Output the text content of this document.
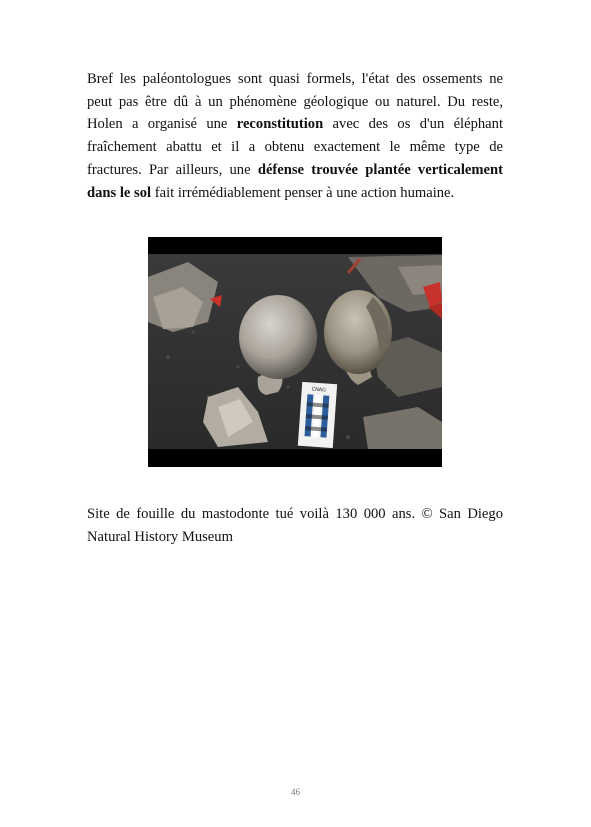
Bref les paléontologues sont quasi formels, l'état des ossements ne peut pas être dû à un phénomène géologique ou naturel. Du reste, Holen a organisé une reconstitution avec des os d'un éléphant fraîchement abattu et il a obtenu exactement le même type de fractures. Par ailleurs, une défense trouvée plantée verticalement dans le sol fait irrémédiablement penser à une action humaine.

CNAG

Site de fouille du mastodonte tué voilà 130 000 ans. © San Diego Natural History Museum

46
